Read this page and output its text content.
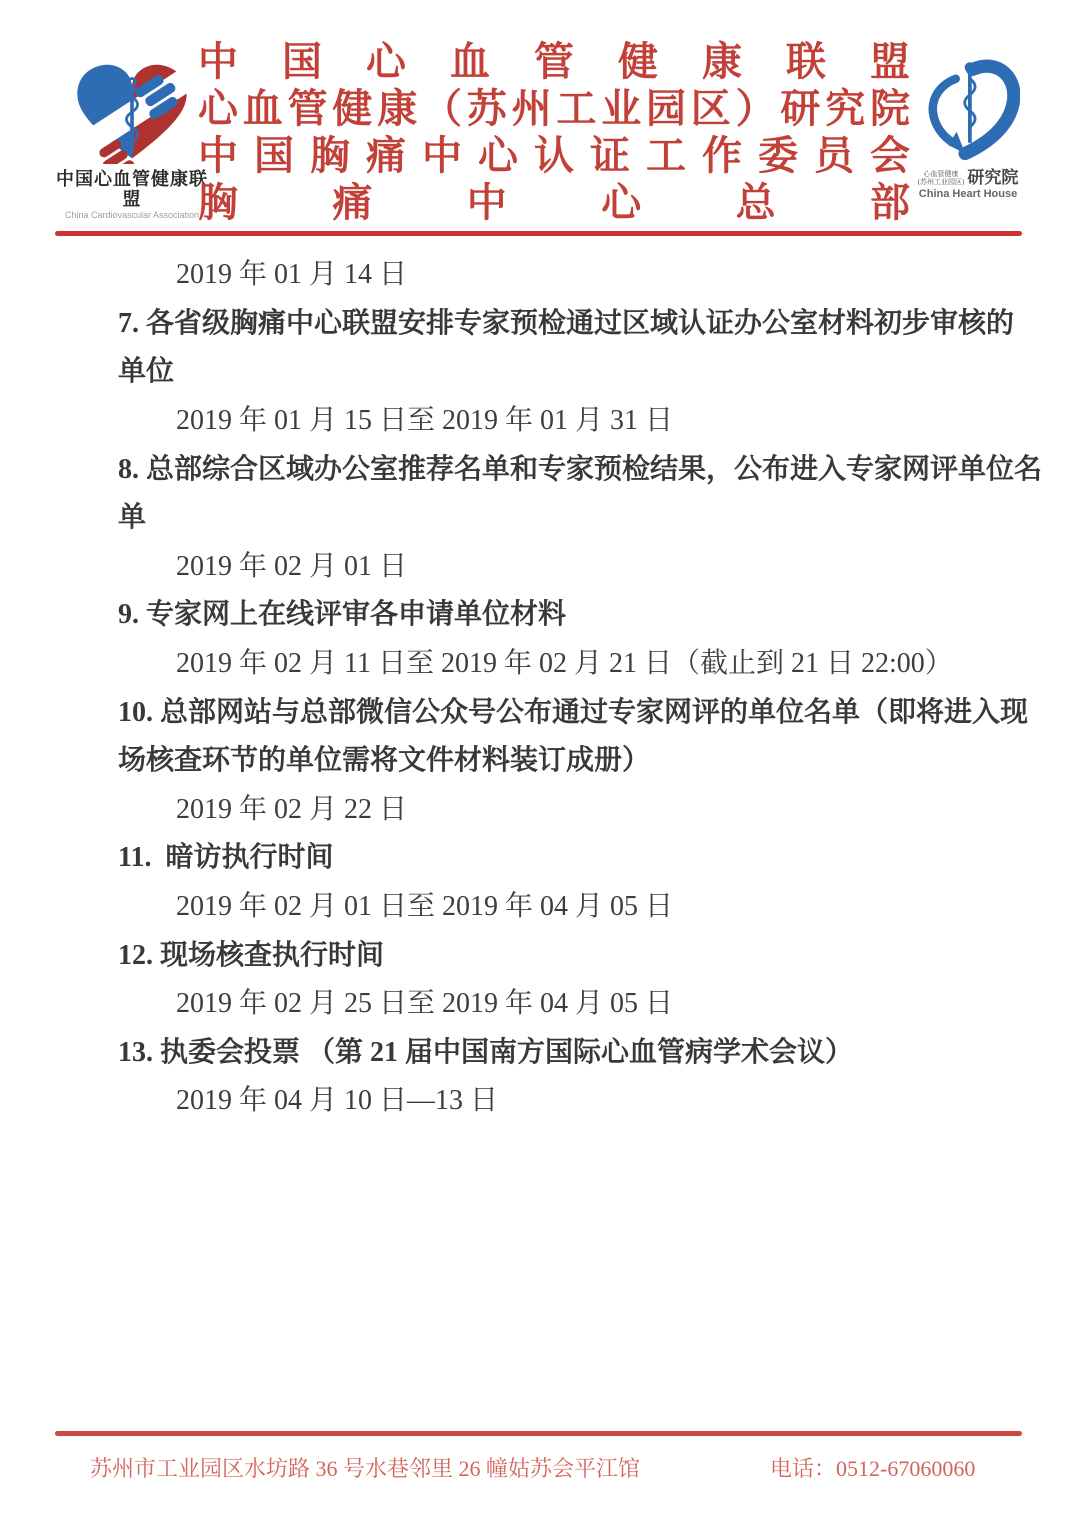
中国心血管健康联盟
China Cardiovascular Association
中国心血管健康联盟
心血管健康（苏州工业园区）研究院
中国胸痛中心认证工作委员会
胸痛中心总部
心血管健康
(苏州工业园区) 研究院
China Heart House
2019 年 01 月 14 日
7. 各省级胸痛中心联盟安排专家预检通过区域认证办公室材料初步审核的
单位
2019 年 01 月 15 日至 2019 年 01 月 31 日
8. 总部综合区域办公室推荐名单和专家预检结果，公布进入专家网评单位名
单
2019 年 02 月 01 日
9. 专家网上在线评审各申请单位材料
2019 年 02 月 11 日至 2019 年 02 月 21 日（截止到 21 日 22:00）
10. 总部网站与总部微信公众号公布通过专家网评的单位名单（即将进入现
场核查环节的单位需将文件材料装订成册）
2019 年 02 月 22 日
11.  暗访执行时间
2019 年 02 月 01 日至 2019 年 04 月 05 日
12. 现场核查执行时间
2019 年 02 月 25 日至 2019 年 04 月 05 日
13. 执委会投票 （第 21 届中国南方国际心血管病学术会议）
2019 年 04 月 10 日—13 日
苏州市工业园区水坊路 36 号水巷邻里 26 幢姑苏会平江馆	电话：0512-67060060
